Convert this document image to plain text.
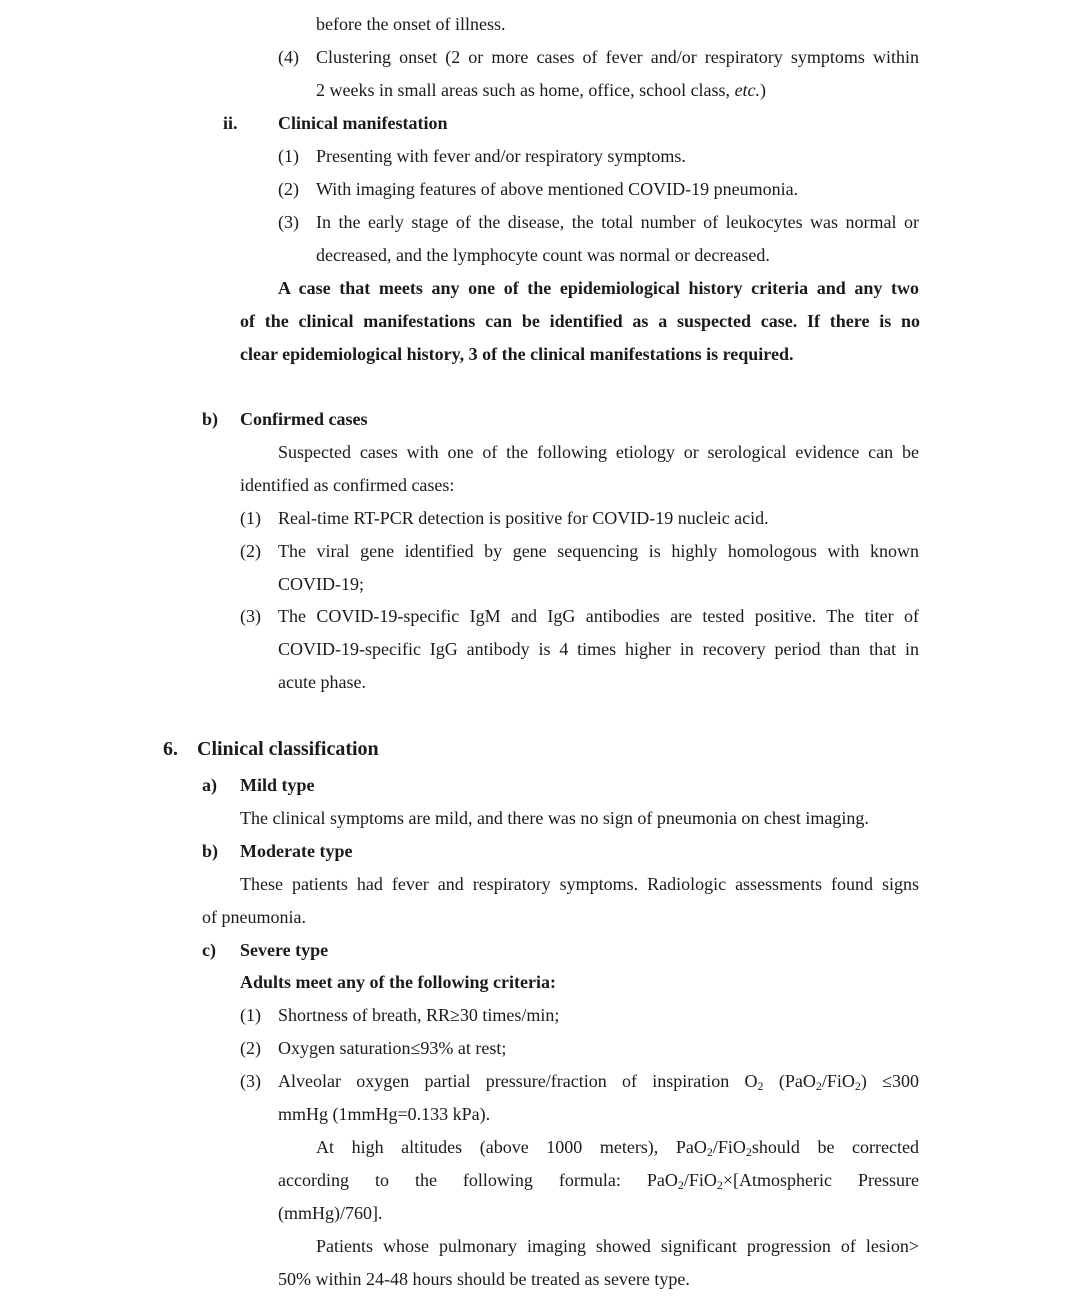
before the onset of illness.
(4) Clustering onset (2 or more cases of fever and/or respiratory symptoms within
2 weeks in small areas such as home, office, school class, etc.)
ii. Clinical manifestation
(1) Presenting with fever and/or respiratory symptoms.
(2) With imaging features of above mentioned COVID-19 pneumonia.
(3) In the early stage of the disease, the total number of leukocytes was normal or
decreased, and the lymphocyte count was normal or decreased.
A case that meets any one of the epidemiological history criteria and any two
of the clinical manifestations can be identified as a suspected case. If there is no
clear epidemiological history, 3 of the clinical manifestations is required.
b) Confirmed cases
Suspected cases with one of the following etiology or serological evidence can be
identified as confirmed cases:
(1) Real-time RT-PCR detection is positive for COVID-19 nucleic acid.
(2) The viral gene identified by gene sequencing is highly homologous with known
COVID-19;
(3) The COVID-19-specific IgM and IgG antibodies are tested positive. The titer of
COVID-19-specific IgG antibody is 4 times higher in recovery period than that in
acute phase.
6. Clinical classification
a) Mild type
The clinical symptoms are mild, and there was no sign of pneumonia on chest imaging.
b) Moderate type
These patients had fever and respiratory symptoms. Radiologic assessments found signs
of pneumonia.
c) Severe type
Adults meet any of the following criteria:
(1) Shortness of breath, RR≥30 times/min;
(2) Oxygen saturation≤93% at rest;
(3) Alveolar oxygen partial pressure/fraction of inspiration $O_2$ (PaO$_2$/FiO$_2$) ≤300
mmHg (1mmHg=0.133 kPa).
At high altitudes (above 1000 meters), PaO$_2$/FiO$_2$should be corrected
according to the following formula: PaO$_2$/FiO$_2$×[Atmospheric Pressure
(mmHg)/760].
Patients whose pulmonary imaging showed significant progression of lesion>
50% within 24-48 hours should be treated as severe type.
